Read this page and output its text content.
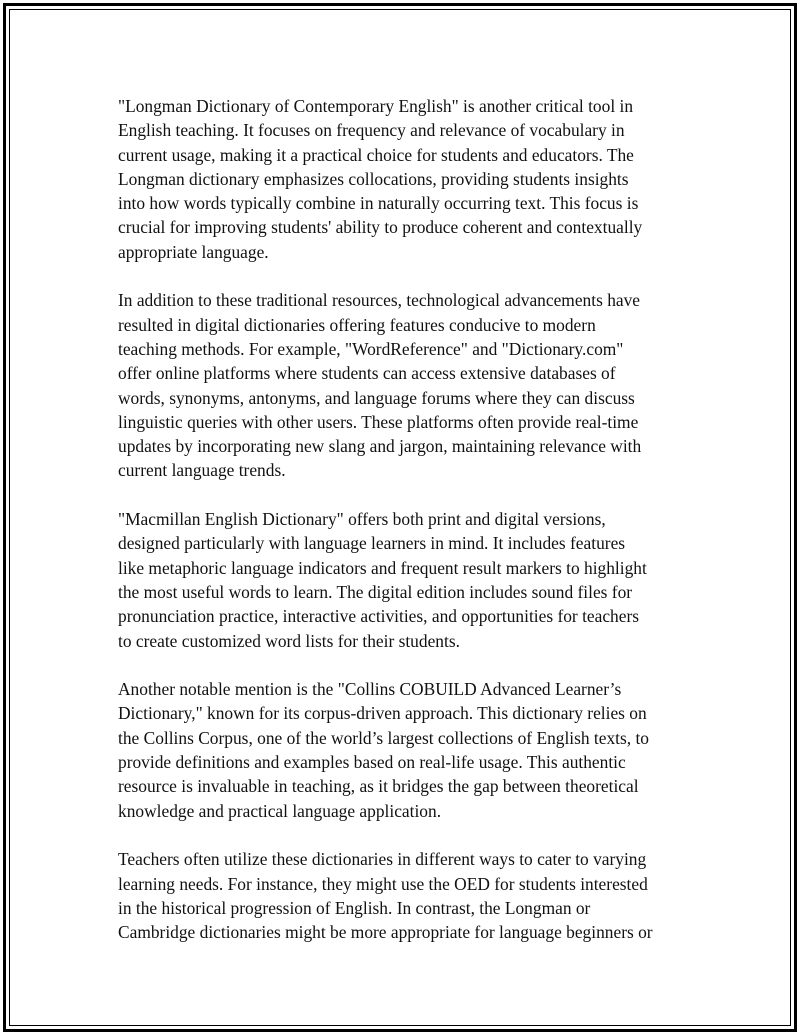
"Longman Dictionary of Contemporary English" is another critical tool in
English teaching. It focuses on frequency and relevance of vocabulary in
current usage, making it a practical choice for students and educators. The
Longman dictionary emphasizes collocations, providing students insights
into how words typically combine in naturally occurring text. This focus is
crucial for improving students' ability to produce coherent and contextually
appropriate language.

In addition to these traditional resources, technological advancements have
resulted in digital dictionaries offering features conducive to modern
teaching methods. For example, "WordReference" and "Dictionary.com"
offer online platforms where students can access extensive databases of
words, synonyms, antonyms, and language forums where they can discuss
linguistic queries with other users. These platforms often provide real-time
updates by incorporating new slang and jargon, maintaining relevance with
current language trends.

"Macmillan English Dictionary" offers both print and digital versions,
designed particularly with language learners in mind. It includes features
like metaphoric language indicators and frequent result markers to highlight
the most useful words to learn. The digital edition includes sound files for
pronunciation practice, interactive activities, and opportunities for teachers
to create customized word lists for their students.

Another notable mention is the "Collins COBUILD Advanced Learner’s
Dictionary," known for its corpus-driven approach. This dictionary relies on
the Collins Corpus, one of the world’s largest collections of English texts, to
provide definitions and examples based on real-life usage. This authentic
resource is invaluable in teaching, as it bridges the gap between theoretical
knowledge and practical language application.

Teachers often utilize these dictionaries in different ways to cater to varying
learning needs. For instance, they might use the OED for students interested
in the historical progression of English. In contrast, the Longman or
Cambridge dictionaries might be more appropriate for language beginners or
